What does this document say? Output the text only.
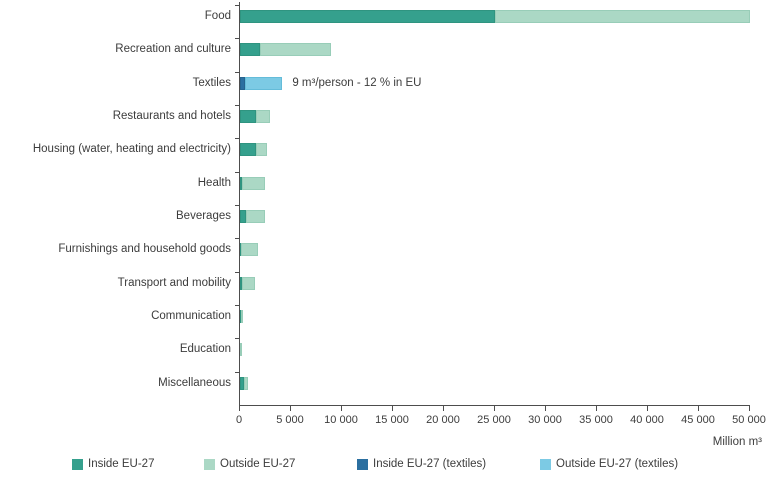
Food
Recreation and culture
Textiles
Restaurants and hotels
Housing (water, heating and electricity)
Health
Beverages
Furnishings and household goods
Transport and mobility
Communication
Education
Miscellaneous
0	5 000 10 000 15 000 20 000 25 000 30 000 35 000 40 000 45 000 50 000
9 m³/person - 12 % in EU
Million m³
Inside EU-27	Outside EU-27	Inside EU-27 (textiles)	Outside EU-27 (textiles)
